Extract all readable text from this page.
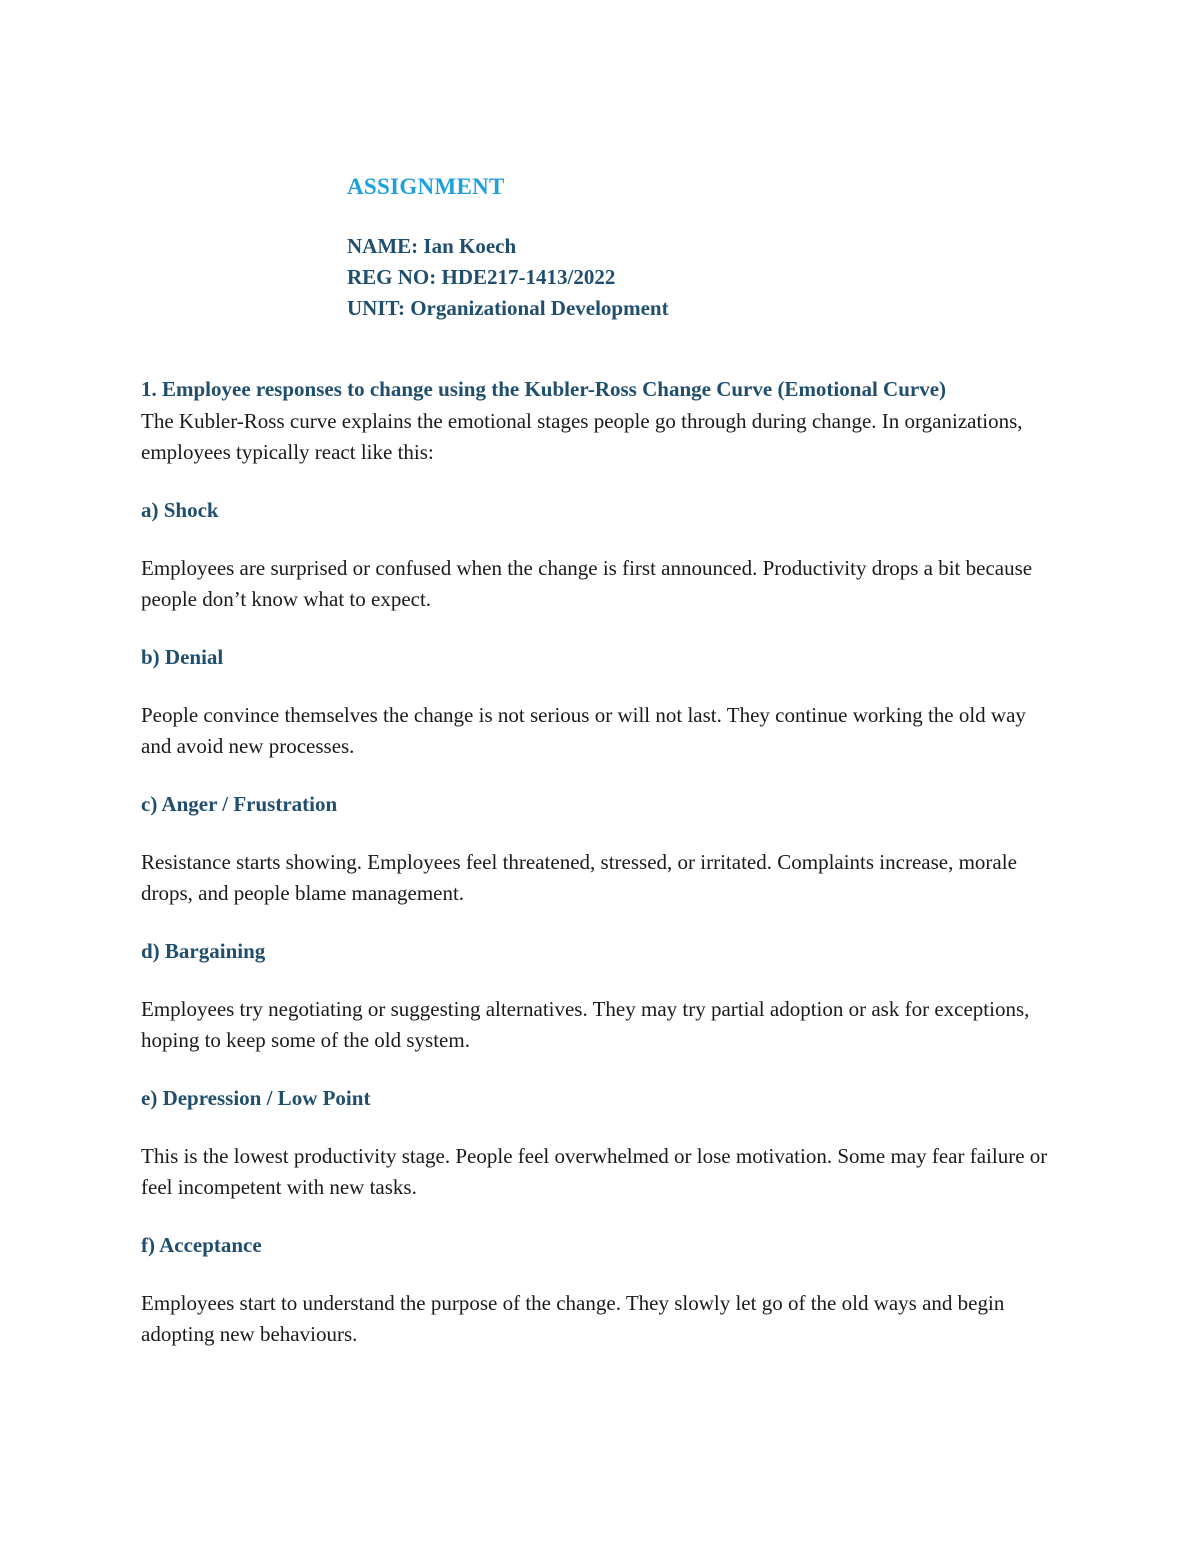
ASSIGNMENT
NAME: Ian Koech
REG NO: HDE217-1413/2022
UNIT: Organizational Development
1. Employee responses to change using the Kubler-Ross Change Curve (Emotional Curve)

The Kubler-Ross curve explains the emotional stages people go through during change. In organizations, employees typically react like this:

a) Shock

Employees are surprised or confused when the change is first announced. Productivity drops a bit because people don’t know what to expect.

b) Denial

People convince themselves the change is not serious or will not last. They continue working the old way and avoid new processes.

c) Anger / Frustration

Resistance starts showing. Employees feel threatened, stressed, or irritated. Complaints increase, morale drops, and people blame management.

d) Bargaining

Employees try negotiating or suggesting alternatives. They may try partial adoption or ask for exceptions, hoping to keep some of the old system.

e) Depression / Low Point

This is the lowest productivity stage. People feel overwhelmed or lose motivation. Some may fear failure or feel incompetent with new tasks.

f) Acceptance

Employees start to understand the purpose of the change. They slowly let go of the old ways and begin adopting new behaviours.
